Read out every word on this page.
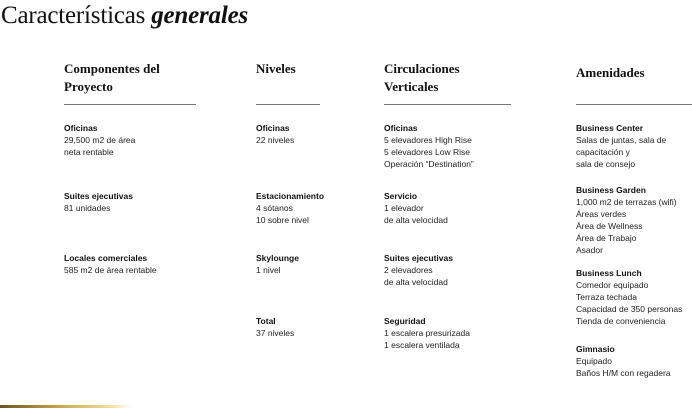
Características generales
Componentes del
Proyecto
Oficinas
29,500 m2 de área
neta rentable
Suites ejecutivas
81 unidades
Locales comerciales
585 m2 de área rentable
Niveles
Oficinas
22 niveles
Estacionamiento
4 sótanos
10 sobre nivel
Skylounge
1 nivel
Total
37 niveles
Circulaciones
Verticales
Oficinas
5 elevadores High Rise
5 elevadores Low Rise
Operación “Destination”
Servicio
1 elevador
de alta velocidad
Suites ejecutivas
2 elevadores
de alta velocidad
Seguridad
1 escalera presurizada
1 escalera ventilada
Amenidades
Business Center
Salas de juntas, sala de
capacitación y
sala de consejo
Business Garden
1,000 m2 de terrazas (wifi)
Áreas verdes
Área de Wellness
Área de Trabajo
Asador
Business Lunch
Comedor equipado
Terraza techada
Capacidad de 350 personas
Tienda de conveniencia
Gimnasio
Equipado
Baños H/M con regadera
